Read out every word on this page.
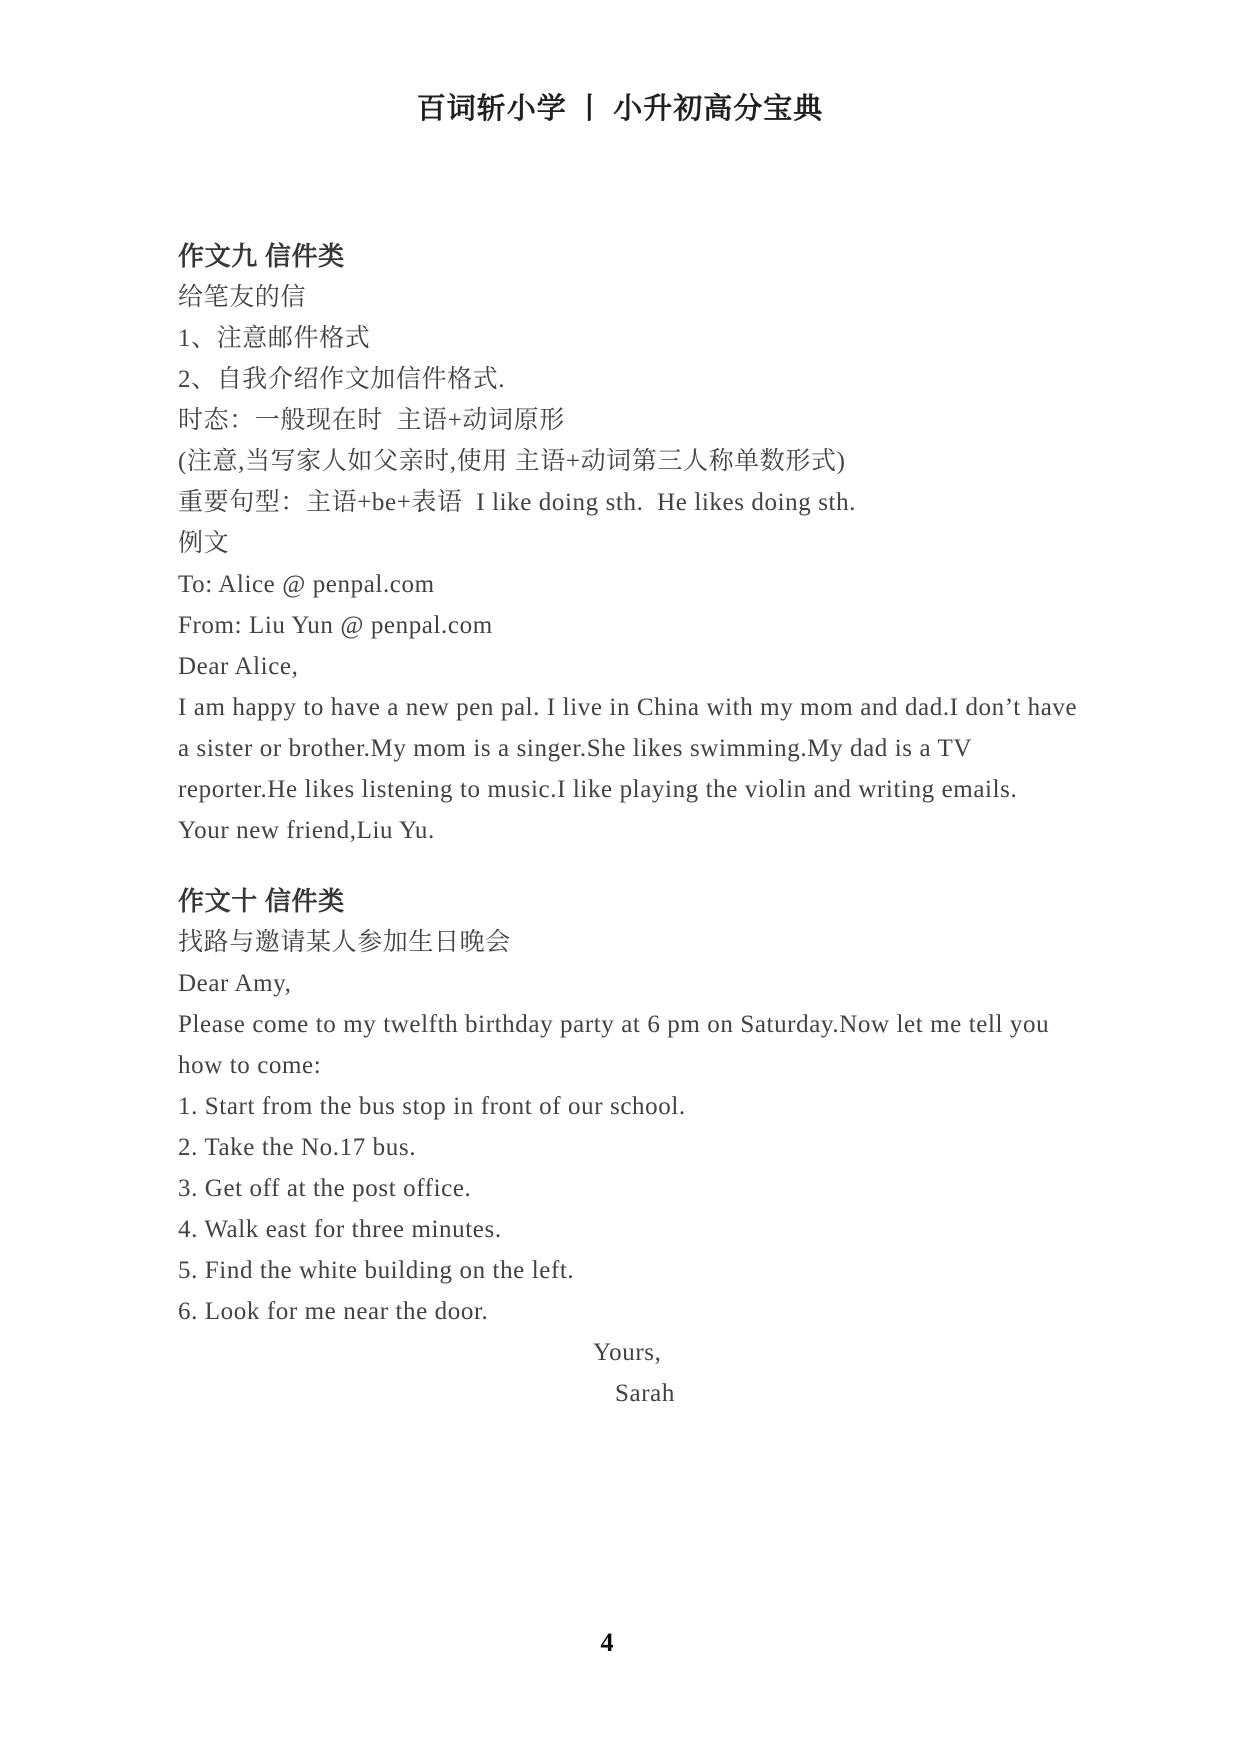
百词斩小学 丨 小升初高分宝典
作文九 信件类
给笔友的信
1、注意邮件格式
2、自我介绍作文加信件格式.
时态：一般现在时  主语+动词原形
(注意,当写家人如父亲时,使用 主语+动词第三人称单数形式)
重要句型：主语+be+表语  I like doing sth.  He likes doing sth.
例文
To: Alice @ penpal.com
From: Liu Yun @ penpal.com
Dear Alice,
I am happy to have a new pen pal. I live in China with my mom and dad.I don’t have
a sister or brother.My mom is a singer.She likes swimming.My dad is a TV
reporter.He likes listening to music.I like playing the violin and writing emails.
Your new friend,Liu Yu.
作文十 信件类
找路与邀请某人参加生日晚会
Dear Amy,
Please come to my twelfth birthday party at 6 pm on Saturday.Now let me tell you
how to come:
1. Start from the bus stop in front of our school.
2. Take the No.17 bus.
3. Get off at the post office.
4. Walk east for three minutes.
5. Find the white building on the left.
6. Look for me near the door.
Yours,
Sarah
4
